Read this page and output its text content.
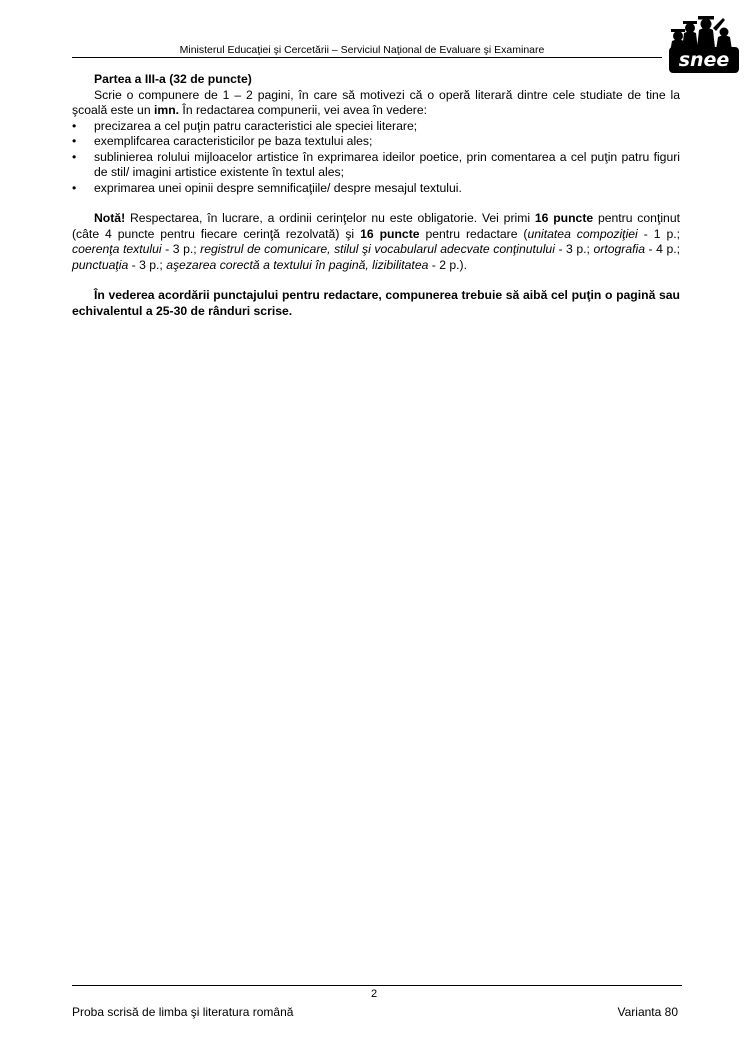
Ministerul Educaţiei şi Cercetării – Serviciul Naţional de Evaluare şi Examinare	snee

Partea a III-a (32 de puncte)

Scrie o compunere de 1 – 2 pagini, în care să motivezi că o operă literară dintre cele studiate de tine la şcoală este un imn. În redactarea compunerii, vei avea în vedere:

• precizarea a cel puţin patru caracteristici ale speciei literare;
• exemplifcarea caracteristicilor pe baza textului ales;
• sublinierea rolului mijloacelor artistice în exprimarea ideilor poetice, prin comentarea a cel puţin patru figuri de stil/ imagini artistice existente în textul ales;
• exprimarea unei opinii despre semnificaţiile/ despre mesajul textului.

Notă! Respectarea, în lucrare, a ordinii cerinţelor nu este obligatorie. Vei primi 16 puncte pentru conţinut (câte 4 puncte pentru fiecare cerinţă rezolvată) şi 16 puncte pentru redactare (unitatea compoziţiei - 1 p.; coerenţa textului - 3 p.; registrul de comunicare, stilul şi vocabularul adecvate conţinutului - 3 p.; ortografia - 4 p.; punctuaţia - 3 p.; aşezarea corectă a textului în pagină, lizibilitatea - 2 p.).

În vederea acordării punctajului pentru redactare, compunerea trebuie să aibă cel puţin o pagină sau echivalentul a 25-30 de rânduri scrise.

2
Proba scrisă de limba şi literatura română	Varianta 80
